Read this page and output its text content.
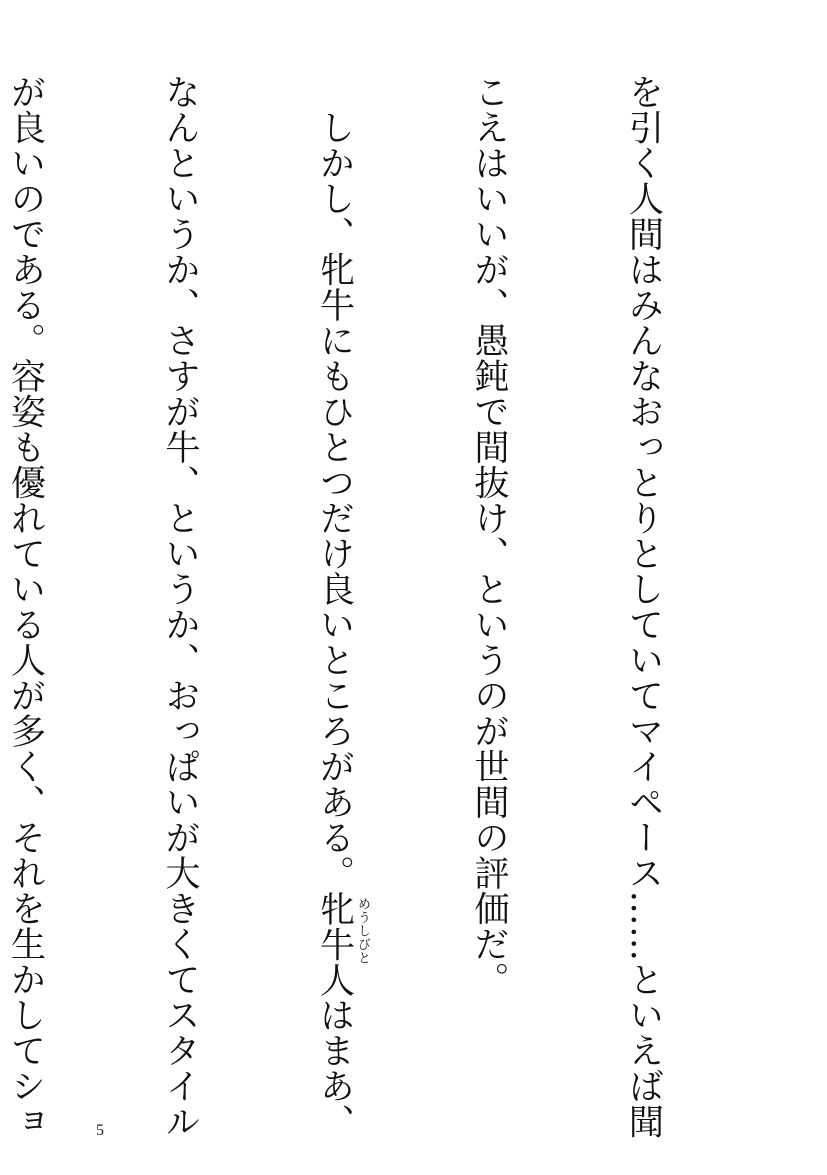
を引く人間はみんなおっとりとしていてマイペース……といえば聞

こえはいいが、愚鈍で間抜け、というのが世間の評価だ。

　しかし、牝牛にもひとつだけ良いところがある。牝牛人 めうしびと
はまあ、

なんというか、さすが牛、というか、おっぱいが大きくてスタイル

が良いのである。容姿も優れている人が多く、それを生かしてショ

	5
